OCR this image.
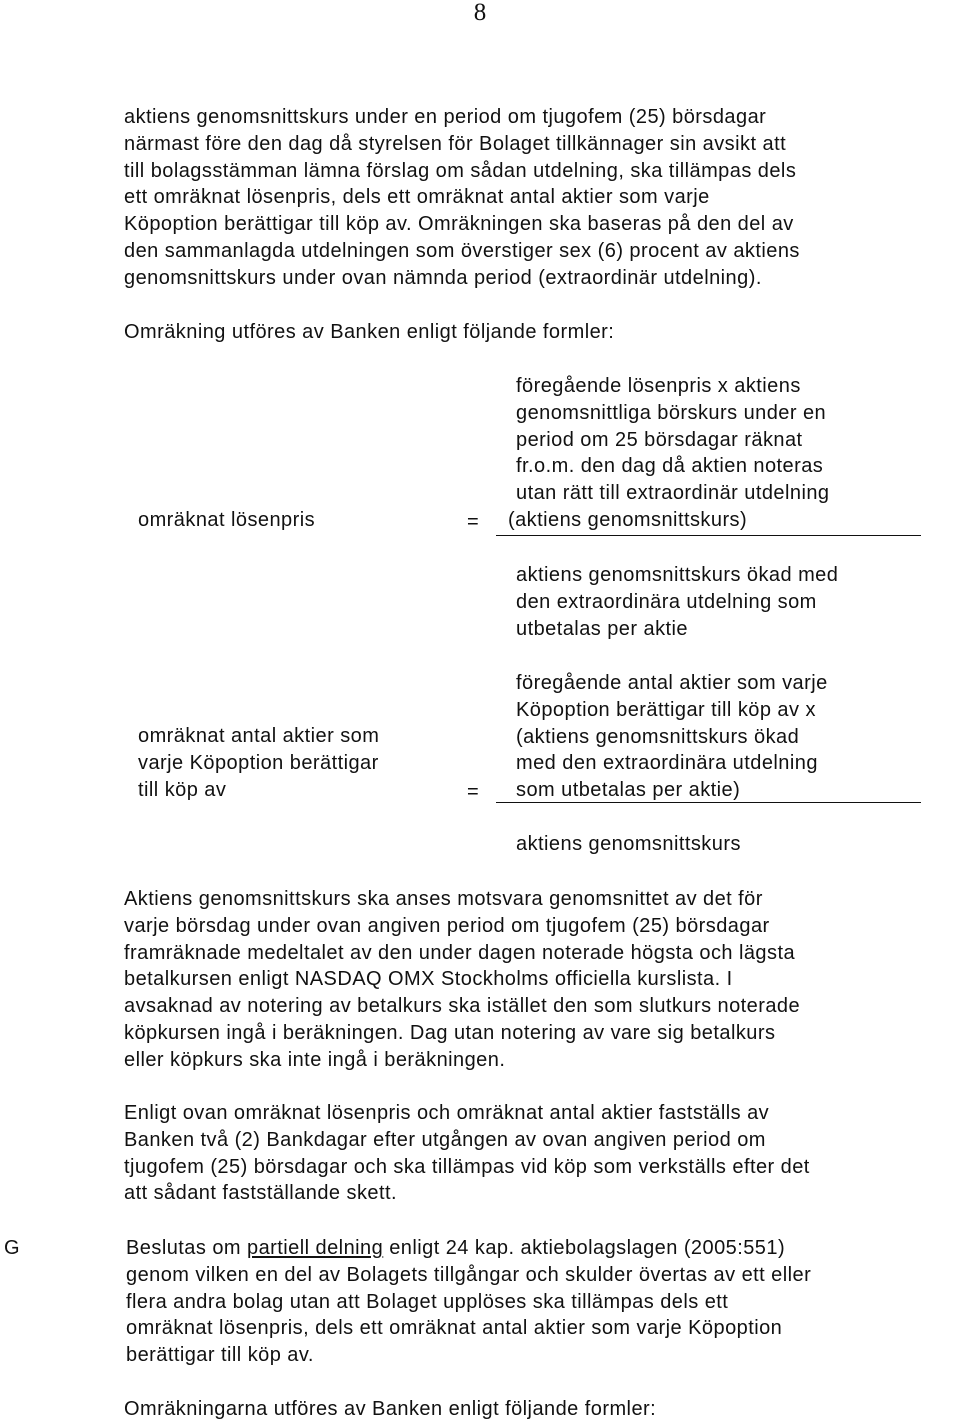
8
aktiens genomsnittskurs under en period om tjugofem (25) börsdagar
närmast före den dag då styrelsen för Bolaget tillkännager sin avsikt att
till bolagsstämman lämna förslag om sådan utdelning, ska tillämpas dels
ett omräknat lösenpris, dels ett omräknat antal aktier som varje
Köpoption berättigar till köp av. Omräkningen ska baseras på den del av
den sammanlagda utdelningen som överstiger sex (6) procent av aktiens
genomsnittskurs under ovan nämnda period (extraordinär utdelning).
Omräkning utföres av Banken enligt följande formler:
föregående lösenpris x aktiens
genomsnittliga börskurs under en
period om 25 börsdagar räknat
fr.o.m. den dag då aktien noteras
utan rätt till extraordinär utdelning
omräknat lösenpris	= (aktiens genomsnittskurs)
aktiens genomsnittskurs ökad med
den extraordinära utdelning som
utbetalas per aktie
föregående antal aktier som varje
Köpoption berättigar till köp av x
(aktiens genomsnittskurs ökad
med den extraordinära utdelning
som utbetalas per aktie)
omräknat antal aktier som
varje Köpoption berättigar
till köp av	=
aktiens genomsnittskurs
Aktiens genomsnittskurs ska anses motsvara genomsnittet av det för
varje börsdag under ovan angiven period om tjugofem (25) börsdagar
framräknade medeltalet av den under dagen noterade högsta och lägsta
betalkursen enligt NASDAQ OMX Stockholms officiella kurslista. I
avsaknad av notering av betalkurs ska istället den som slutkurs noterade
köpkursen ingå i beräkningen. Dag utan notering av vare sig betalkurs
eller köpkurs ska inte ingå i beräkningen.
Enligt ovan omräknat lösenpris och omräknat antal aktier fastställs av
Banken två (2) Bankdagar efter utgången av ovan angiven period om
tjugofem (25) börsdagar och ska tillämpas vid köp som verkställs efter det
att sådant fastställande skett.
G	Beslutas om partiell delning enligt 24 kap. aktiebolagslagen (2005:551)
genom vilken en del av Bolagets tillgångar och skulder övertas av ett eller
flera andra bolag utan att Bolaget upplöses ska tillämpas dels ett
omräknat lösenpris, dels ett omräknat antal aktier som varje Köpoption
berättigar till köp av.
Omräkningarna utföres av Banken enligt följande formler:
